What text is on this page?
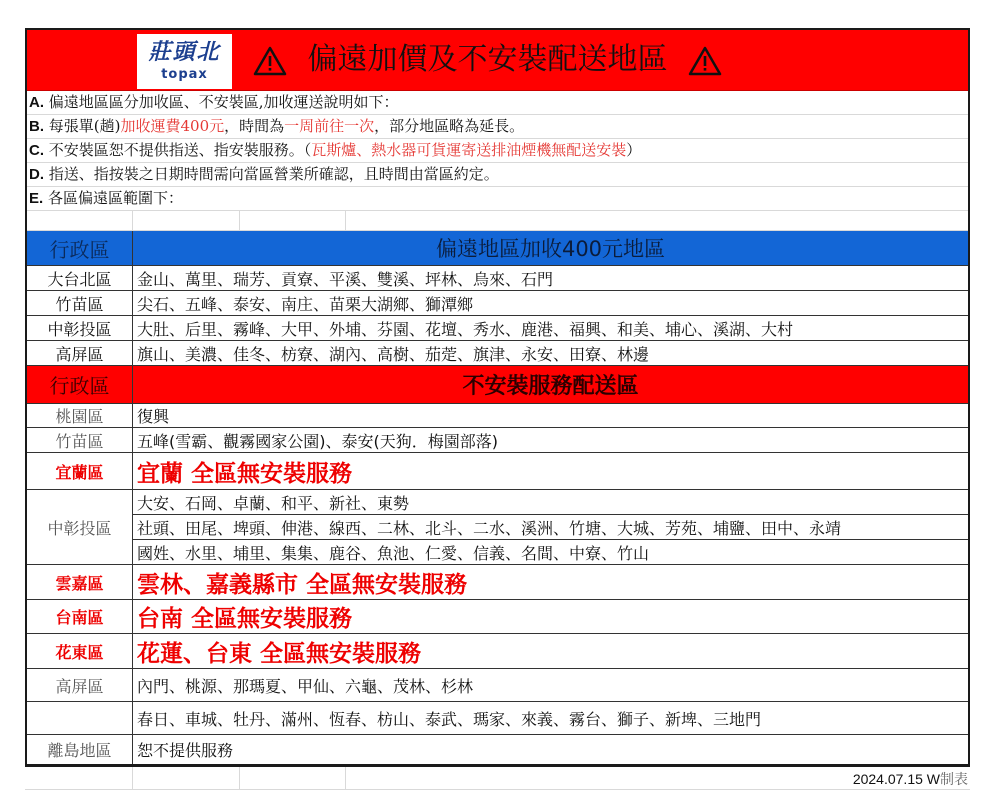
莊頭北
topax	偏遠加價及不安裝配送地區
A. 偏遠地區區分加收區、不安裝區,加收運送說明如下：
B. 每張單(趟)加收運費400元，時間為一周前往一次，部分地區略為延長。
C. 不安裝區恕不提供指送、指安裝服務。（瓦斯爐、熱水器可貨運寄送排油煙機無配送安裝）
D. 指送、指按裝之日期時間需向當區營業所確認，且時間由當區約定。
E. 各區偏遠區範圍下：
行政區	偏遠地區加收400元地區
大台北區	金山、萬里、瑞芳、貢寮、平溪、雙溪、坪林、烏來、石門
竹苗區	尖石、五峰、泰安、南庄、苗栗大湖鄉、獅潭鄉
中彰投區	大肚、后里、霧峰、大甲、外埔、芬園、花壇、秀水、鹿港、福興、和美、埔心、溪湖、大村
高屏區	旗山、美濃、佳冬、枋寮、湖內、高樹、茄萣、旗津、永安、田寮、林邊
行政區	不安裝服務配送區
桃園區	復興
竹苗區	五峰(雪霸、觀霧國家公園)、泰安(天狗．梅園部落)
宜蘭區	宜蘭 全區無安裝服務
中彰投區
大安、石岡、卓蘭、和平、新社、東勢
社頭、田尾、埤頭、伸港、線西、二林、北斗、二水、溪洲、竹塘、大城、芳苑、埔鹽、田中、永靖
國姓、水里、埔里、集集、鹿谷、魚池、仁愛、信義、名間、中寮、竹山
雲嘉區	雲林、嘉義縣市 全區無安裝服務
台南區	台南 全區無安裝服務
花東區	花蓮、台東 全區無安裝服務
高屏區	內門、桃源、那瑪夏、甲仙、六龜、茂林、杉林
春日、車城、牡丹、滿州、恆春、枋山、泰武、瑪家、來義、霧台、獅子、新埤、三地門
離島地區	恕不提供服務
2024.07.15 W制表
